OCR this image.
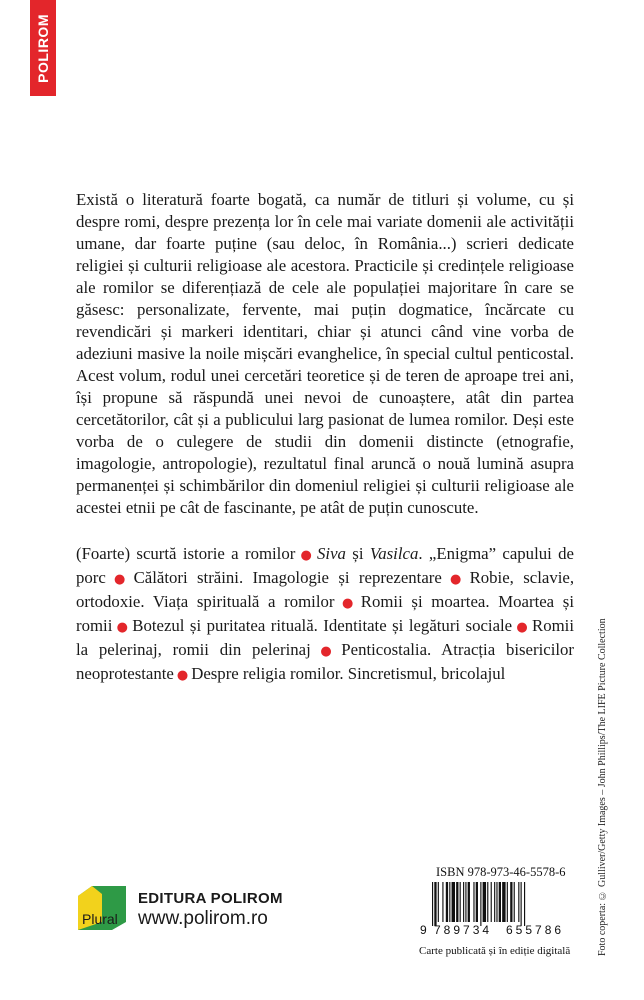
POLIROM

Există o literatură foarte bogată, ca număr de titluri și volume, cu și despre romi, despre prezența lor în cele mai variate domenii ale activității umane, dar foarte puține (sau deloc, în România...) scrieri dedicate religiei și culturii religioase ale acestora. Practicile și credințele religioase ale romilor se diferențiază de cele ale populației majoritare în care se găsesc: personalizate, fervente, mai puțin dogmatice, încărcate cu revendicări și markeri identitari, chiar și atunci când vine vorba de adeziuni masive la noile mișcări evanghelice, în special cultul penticostal. Acest volum, rodul unei cercetări teoretice și de teren de aproape trei ani, își propune să răspundă unei nevoi de cunoaștere, atât din partea cercetătorilor, cât și a publicului larg pasionat de lumea romilor. Deși este vorba de o culegere de studii din domenii distincte (etnografie, imagologie, antropologie), rezultatul final aruncă o nouă lumină asupra permanenței și schimbărilor din domeniul religiei și culturii religioase ale acestei etnii pe cât de fascinante, pe atât de puțin cunoscute.

(Foarte) scurtă istorie a romilor ● Siva și Vasilca. „Enigma” capului de porc ● Călători străini. Imagologie și reprezentare ● Robie, sclavie, ortodoxie. Viața spirituală a romilor ● Romii și moartea. Moartea și romii ● Botezul și puritatea rituală. Identitate și legături sociale ● Romii la pelerinaj, romii din pelerinaj ● Penticostalia. Atracția bisericilor neoprotestante ● Despre religia romilor. Sincretismul, bricolajul	Foto coperta: © Gulliver/Getty Images – John Phillips/The LIFE Picture Collection
Plural
EDITURA POLIROM
www.polirom.ro
ISBN 978-973-46-5578-6
9 789734 655786
Carte publicată și în ediție digitală
